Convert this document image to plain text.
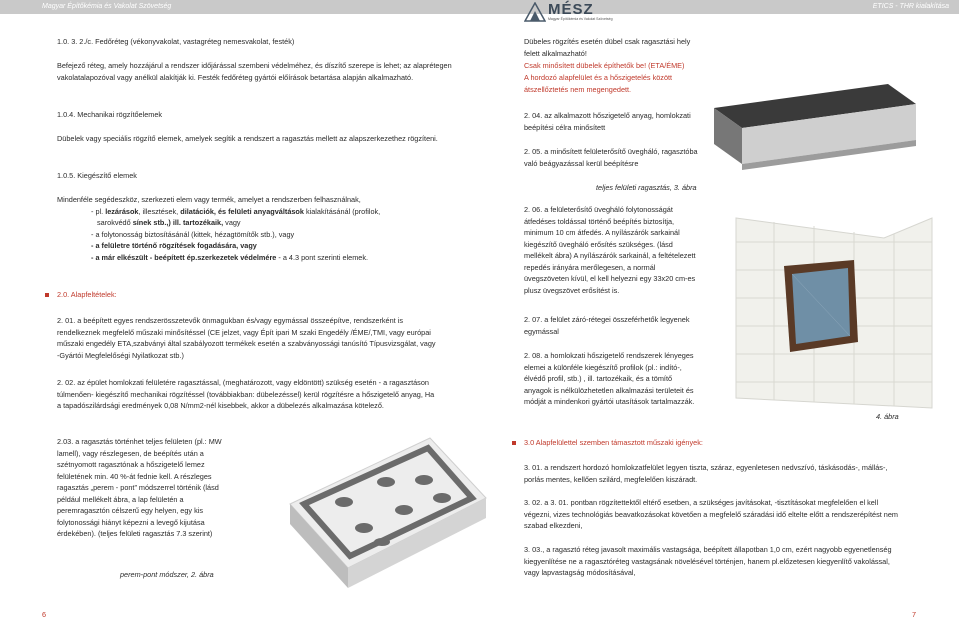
Magyar Építőkémia és Vakolat Szövetség	ETICS - THR kialakítása
MÉSZ
Magyar Építőkémia és Vakolat Szövetség

1.0. 3. 2./c. Fedőréteg (vékonyvakolat, vastagréteg nemesvakolat, festék)

Befejező réteg, amely hozzájárul a rendszer időjárással szembeni védelméhez, és díszítő szerepe is lehet; az alaprétegen vakolatalapozóval vagy anélkül alakítják ki. Festék fedőréteg gyártói előírások betartása alapján alkalmazható.

1.0.4. Mechanikai rögzítőelemek

Dübelek vagy speciális rögzítő elemek, amelyek segítik a rendszert a ragasztás mellett az alapszerkezethez rögzíteni.

1.0.5. Kiegészítő elemek

Mindenféle segédeszköz, szerkezeti elem vagy termék, amelyet a rendszerben felhasználnak,
- pl. lezárások, illesztések, dilatációk, és felületi anyagváltások kialakításánál (profilok,
sarokvédő sínek stb.,) ill. tartozékaik, vagy
- a folytonosság biztosításánál (kittek, hézagtömítők stb.), vagy
- a felületre történő rögzítések fogadására, vagy
- a már elkészült - beépített ép.szerkezetek védelmére - a 4.3 pont szerinti elemek.

2.0. Alapfeltételek:

2. 01. a beépített egyes rendszerösszetevők önmagukban és/vagy egymással összeépítve, rendszerként is rendelkeznek megfelelő műszaki minősítéssel (CE jelzet, vagy Épít ipari M szaki Engedély /ÉME/,TMI, vagy európai műszaki engedély ETA,szabványi által szabályozott termékek esetén a szabványossági tanúsító Típusvizsgálat, vagy -Gyártói Megfelelőségi Nyilatkozat stb.)

2. 02. az épület homlokzati felületére ragasztással, (meghatározott, vagy eldöntött) szükség esetén - a ragasztáson túlmenően- kiegészítő mechanikai rögzítéssel (továbbiakban: dübelezéssel) kerül rögzítésre a hőszigetelő anyag, Ha a tapadószilárdsági eredmények 0,08 N/mm2-nél kisebbek, akkor a dübelezés alkalmazása kötelező.

2.03. a ragasztás történhet teljes felületen (pl.: MW lamell), vagy részlegesen, de beépítés után a szétnyomott ragasztónak a hőszigetelő lemez felületének min. 40 %-át fednie kell. A részleges ragasztás „perem - pont” módszerrel történik (lásd például mellékelt ábra, a lap felületén a peremragasztón célszerű egy helyen, egy kis folytonossági hiányt képezni a levegő kijutása érdekében). (teljes felületi ragasztás 7.3 szerint)

perem-pont módszer, 2. ábra
6

Dübeles rögzítés esetén dübel csak ragasztási hely felett alkalmazható!

Csak minősített dübelek építhetők be! (ETA/ÉME)

A hordozó alapfelület és a hőszigetelés között átszellőztetés nem megengedett.

2. 04. az alkalmazott hőszigetelő anyag, homlokzati beépítési célra minősített

2. 05. a minősített felületerősítő üvegháló, ragasztóba való beágyazással kerül beépítésre

teljes felületi ragasztás, 3. ábra

2. 06. a felületerősítő üvegháló folytonosságát átfedéses toldással történő beépítés biztosítja, minimum 10 cm átfedés. A nyílászárók sarkainál kiegészítő üvegháló erősítés szükséges. (lásd mellékelt ábra) A nyílászárók sarkainál, a feltételezett repedés irányára merőlegesen, a normál üvegszöveten kívül, el kell helyezni egy 33x20 cm-es plusz üvegszövet erősítést is.

2. 07. a felület záró-rétegei összeférhetők legyenek egymással

2. 08. a homlokzati hőszigetelő rendszerek lényeges elemei a különféle kiegészítő profilok (pl.: indító-, élvédő profil, stb.) , ill. tartozékaik, és a tömítő anyagok is nélkülözhetetlen alkalmazási területeit és módját a mindenkori gyártói utasítások tartalmazzák.

4. ábra

3.0 Alapfelülettel szemben támasztott műszaki igények:

3. 01. a rendszert hordozó homlokzatfelület legyen tiszta, száraz, egyenletesen nedvszívó, táskásodás-, mállás-, porlás mentes, kellően szilárd, megfelelően kiszáradt.

3. 02. a 3. 01. pontban rögzítettektől eltérő esetben, a szükséges javításokat, -tisztításokat megfelelően el kell végezni, vizes technológiás beavatkozásokat követően a megfelelő száradási idő eltelte előtt a rendszerépítést nem szabad elkezdeni,

3. 03., a ragasztó réteg javasolt maximális vastagsága, beépített állapotban 1,0 cm, ezért nagyobb egyenetlenség kiegyenlítése ne a ragasztóréteg vastagsának növelésével történjen, hanem pl.előzetesen kiegyenlítő vakolással, vagy lapvastagság módosításával,

7
